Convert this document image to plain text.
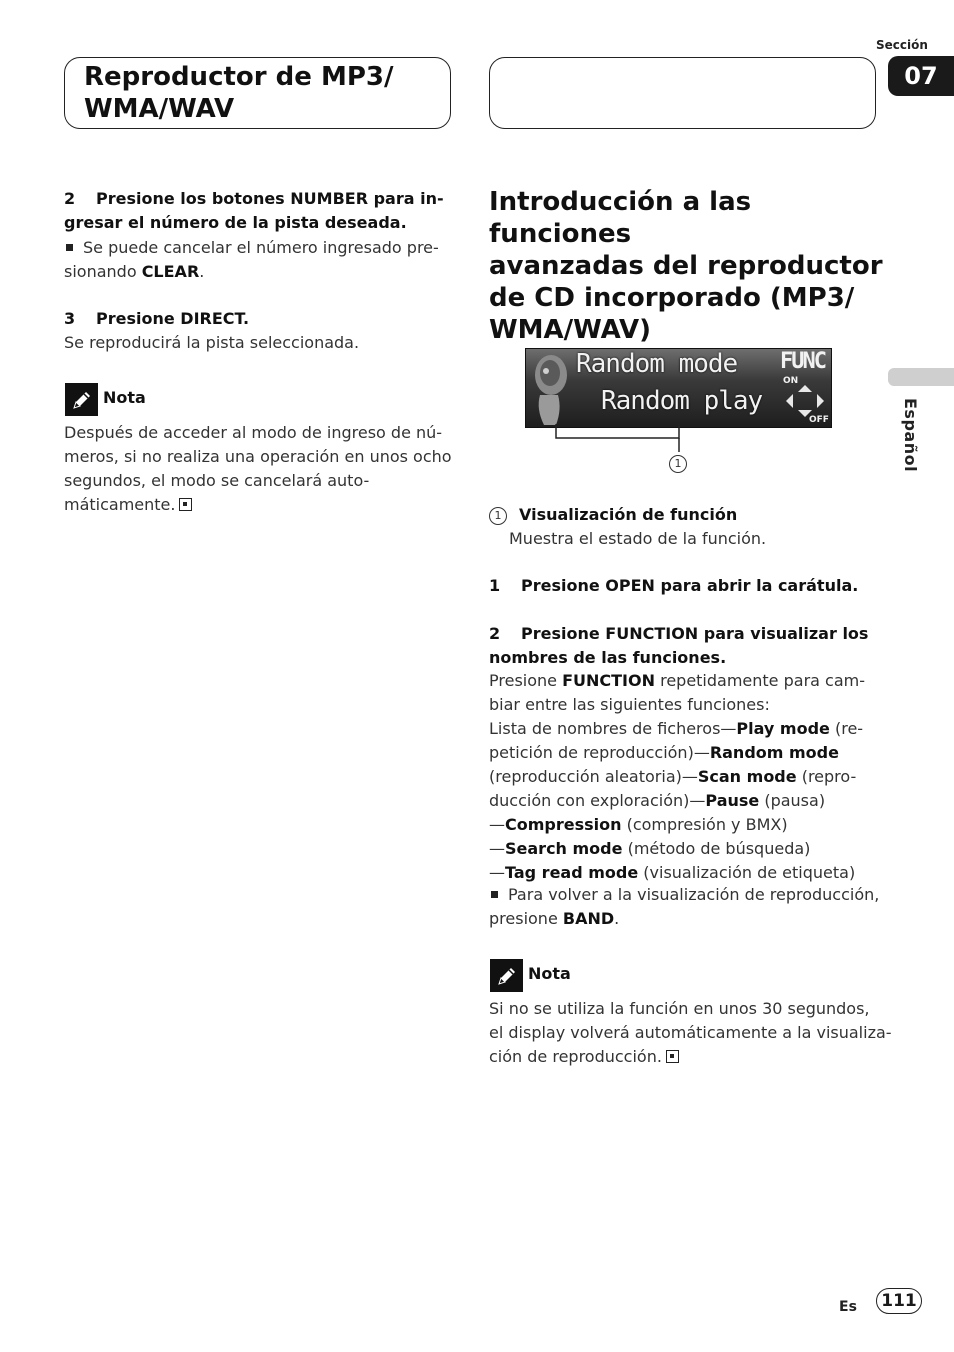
Reproductor de MP3/
WMA/WAV
Sección
07
Español
2 Presione los botones NUMBER para in-
gresar el número de la pista deseada.
Se puede cancelar el número ingresado pre-
sionando CLEAR.
3 Presione DIRECT.
Se reproducirá la pista seleccionada.
Nota
Después de acceder al modo de ingreso de nú-
meros, si no realiza una operación en unos ocho
segundos, el modo se cancelará auto-
máticamente.
Introducción a las funciones
avanzadas del reproductor
de CD incorporado (MP3/
WMA/WAV)
Random mode
Random play
FUNC
ON
OFF
1
1 Visualización de función
Muestra el estado de la función.
1 Presione OPEN para abrir la carátula.
2 Presione FUNCTION para visualizar los
nombres de las funciones.
Presione FUNCTION repetidamente para cam-
biar entre las siguientes funciones:
Lista de nombres de ficheros—Play mode (re-
petición de reproducción)—Random mode
(reproducción aleatoria)—Scan mode (repro-
ducción con exploración)—Pause (pausa)
—Compression (compresión y BMX)
—Search mode (método de búsqueda)
—Tag read mode (visualización de etiqueta)
Para volver a la visualización de reproducción,
presione BAND.
Nota
Si no se utiliza la función en unos 30 segundos,
el display volverá automáticamente a la visualiza-
ción de reproducción.
Es	111
